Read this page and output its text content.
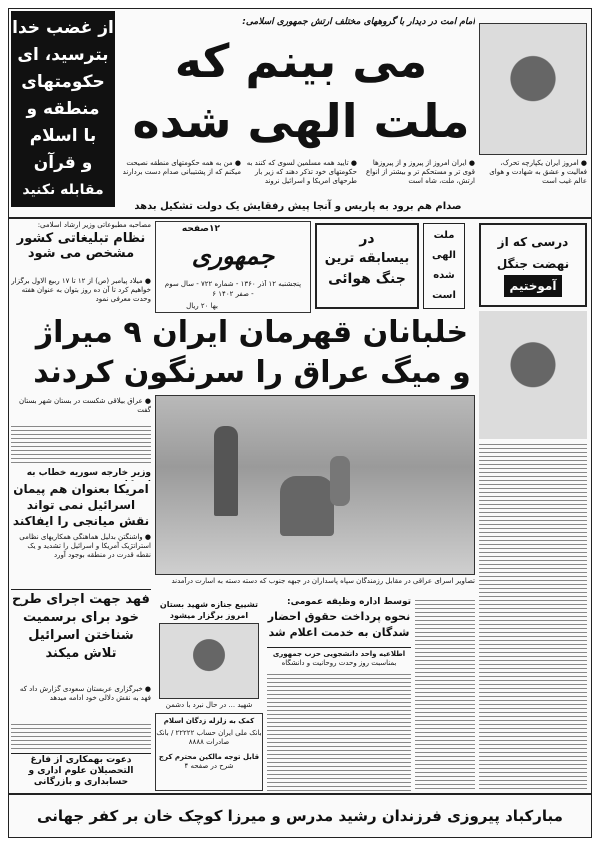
از غضب خدا
بترسید، ای
حکومتهای
منطقه و
با اسلام
و قرآن
مقابله نکنید
امام امت در دیدار با گروههای مختلف ارتش جمهوری اسلامی:
می بینم که ملت الهی شده
● امروز ایران یکپارچه تحرک، فعالیت و عشق به شهادت و هوای عالم غیب است
● ایران امروز از پیروز و از پیروزها قوی تر و مستحکم تر و بیشتر از انواع ارتش، ملت، شاه است
● تایید همه مسلمین لسوی که کنند به حکومتهای خود تذکر دهند که زیر بار طرحهای امریکا و اسرائیل نروند
● من به همه حکومتهای منطقه نصیحت میکنم که از پشتیبانی صدام دست بردارند
صدام هم برود به پاریس و آنجا پیش رفقایش یک دولت تشکیل بدهد
مصاحبه مطبوعاتی وزیر ارشاد اسلامی:
نظام تبلیغاتی کشور مشخص می شود
● میلاد پیامبر (ص) از ۱۲ تا ۱۷ ربیع الاول برگزار خواهیم کرد تا آن ده روز بتوان به عنوان هفته وحدت معرفی نمود
۱۲صفحه
جمهوری
پنجشنبه ۱۲ آذر ۱۳۶۰ - شماره ۷۲۲ - سال سوم
۶ صفر ۱۴۰۲ -
بها ۲۰ ریال
در
بیسابقه ترین
جنگ هوائی
ملت
الهی
شده
است
درسی که از
نهضت جنگل
آموختیم
خلبانان قهرمان ایران ۹ میراژ
و میگ عراق را سرنگون کردند
● عراق بیلاقی شکست در بستان شهر بستان گفت
وزیر خارجه سوریه خطاب به
امریکا بعنوان هم پیمان اسرائیل نمی تواند نقش میانجی را ایفاکند
● واشنگتن بدلیل هماهنگی همکاریهای نظامی استراتژیک آمریکا و اسرائیل را تشدید و یک نقطه قدرت در منطقه بوجود آورد
تصاویر اسرای عراقی در مقابل رزمندگان سپاه پاسداران در جبهه جنوب که دسته دسته به اسارت درآمدند
فهد جهت اجرای طرح خود برای برسمیت شناختن اسرائیل تلاش میکند
● خبرگزاری عربستان سعودی گزارش داد که فهد به نقش دلالی خود ادامه میدهد
تشییع جنازه شهید بستان امروز برگزار میشود
شهید ... در حال نبرد با دشمن
توسط اداره وظیفه عمومی:
نحوه پرداخت حقوق احضار شدگان به خدمت اعلام شد
اطلاعیه واحد دانشجویی حزب جمهوری
بمناسبت روز وحدت روحانیت و دانشگاه
کمک به زلزله زدگان اسلام
بانک ملی ایران حساب ۲۲۲۲۲ / بانک صادرات ۸۸۸۸
قابل توجه مالکین محترم کرج
شرح در صفحه ۴
دعوت بهمکاری از فارغ التحصیلان علوم اداری و حسابداری و بازرگانی
مبارکباد پیروزی فرزندان رشید مدرس و میرزا کوچک خان بر کفر جهانی
